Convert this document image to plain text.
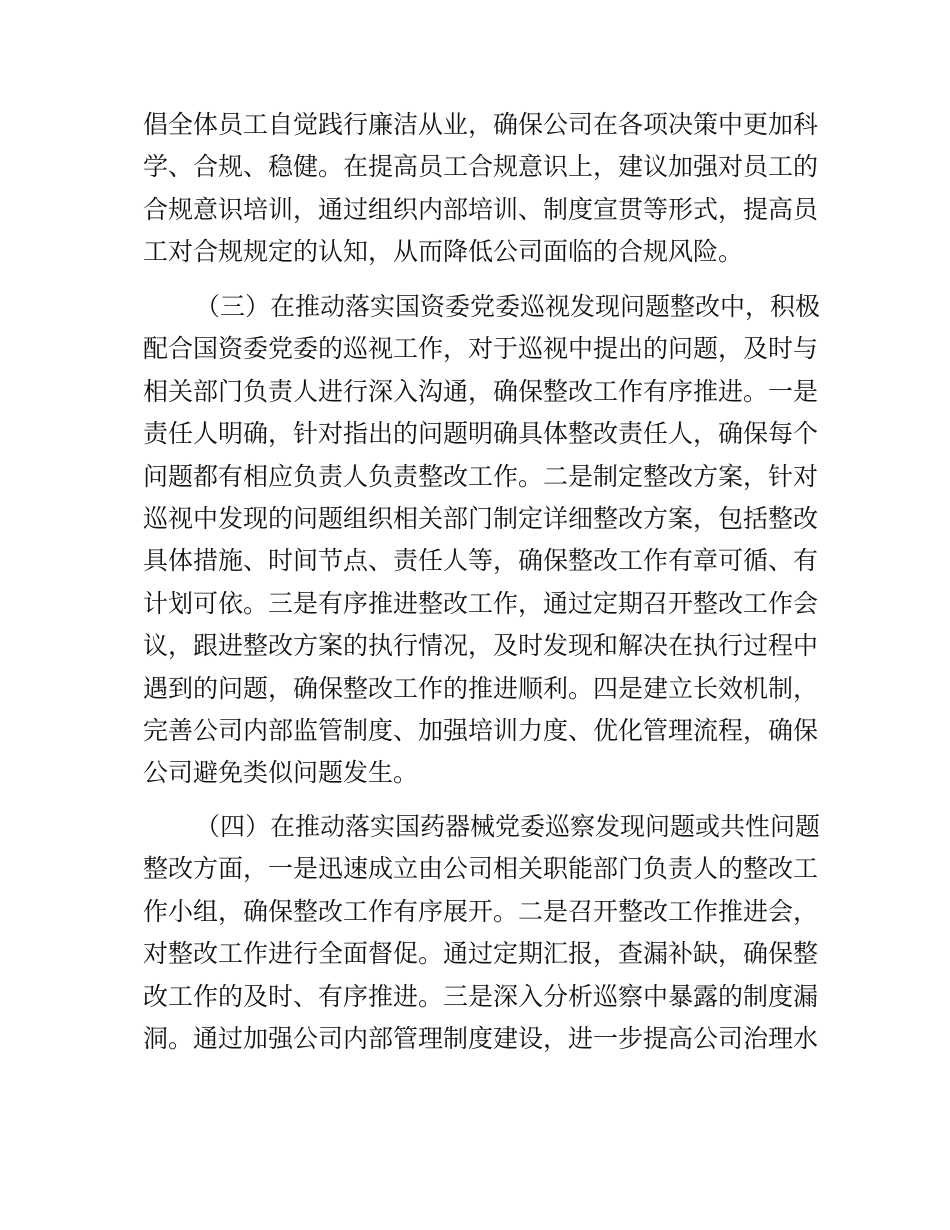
倡全体员工自觉践行廉洁从业，确保公司在各项决策中更加科
学、合规、稳健。在提高员工合规意识上，建议加强对员工的
合规意识培训，通过组织内部培训、制度宣贯等形式，提高员
工对合规规定的认知，从而降低公司面临的合规风险。
（三）在推动落实国资委党委巡视发现问题整改中，积极
配合国资委党委的巡视工作，对于巡视中提出的问题，及时与
相关部门负责人进行深入沟通，确保整改工作有序推进。一是
责任人明确，针对指出的问题明确具体整改责任人，确保每个
问题都有相应负责人负责整改工作。二是制定整改方案，针对
巡视中发现的问题组织相关部门制定详细整改方案，包括整改
具体措施、时间节点、责任人等，确保整改工作有章可循、有
计划可依。三是有序推进整改工作，通过定期召开整改工作会
议，跟进整改方案的执行情况，及时发现和解决在执行过程中
遇到的问题，确保整改工作的推进顺利。四是建立长效机制，
完善公司内部监管制度、加强培训力度、优化管理流程，确保
公司避免类似问题发生。
（四）在推动落实国药器械党委巡察发现问题或共性问题
整改方面，一是迅速成立由公司相关职能部门负责人的整改工
作小组，确保整改工作有序展开。二是召开整改工作推进会，
对整改工作进行全面督促。通过定期汇报，查漏补缺，确保整
改工作的及时、有序推进。三是深入分析巡察中暴露的制度漏
洞。通过加强公司内部管理制度建设，进一步提高公司治理水
